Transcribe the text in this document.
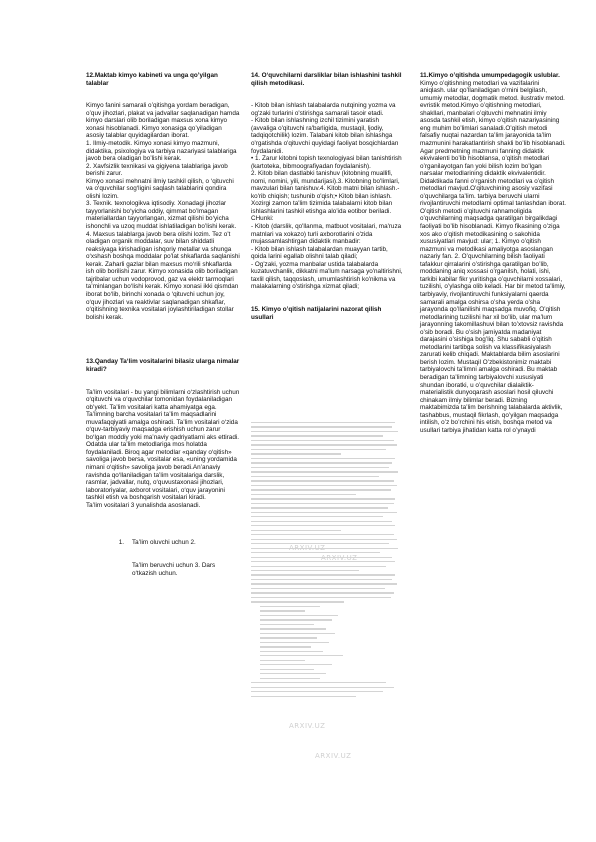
12.Maktab kimyo kabineti va unga qo’yilgan talablar

Kimyo fanini samarali o’qitishga yordam beradigan, o’quv jihozlari, plakat va jadvallar saqlanadigan hamda kimyo darslari olib boriladigan maxsus xona kimyo xonasi hisoblanadi. Kimyo xonasiga qo’yiladigan asosiy talablar quyidagilardan iborat.
1. Ilmiy-metodik. Kimyo xonasi kimyo mazmuni, didaktika, psixologiya va tarbiya nazariyasi talablariga javob bera oladigan bo’lishi kerak.
2. Xavfsizlik texnikasi va gigiyena talablariga javob berishi zarur.
Kimyo xonasi mehnatni ilmiy tashkil qilish, o ‘qituvchi va o‘quvchilar sog‘ligini saqlash talablarini qondira olishi lozim.
3. Texnik. texnologikva iqtisodiy. Xonadagi jihozlar tayyorlanishi bo‘yicha oddiy, qimmat bo’lmagan materiallardan tayyorlangan, xizmat qilishi bo‘yicha ishonchli va uzoq muddat ishlatiladigan bo’lishi kerak. 4. Maxsus talablarga javob bera olishi lozim. Tez o’t oladigan organik moddalar, suv bilan shiddatli reaksiyaga kirishadigan ishqoriy metallar va shunga o‘xshash boshqa moddalar po’lat shkaflarda saqlanishi kerak. Zaharli gazlar bilan maxsus mo‘rili shkaflarda ish olib borilishi zarur. Kimyo xonasida olib boriladigan tajribalar uchun vodoprovod, gaz va elektr tarmoqlari ta’minlangan bo‘lishi kerak. Kimyo xonasi ikki qismdan iborat bo‘lib, birinchi xonada o ‘qituvchi uchun joy, o‘quv jihozlari va reaktivlar saqlanadigan shkaflar, o‘qitishning texnika vositalari joylashtiriladigan stollar
bolishi kerak.

13.Qanday Ta‘lim vositalarini bilasiz ularga nimalar kiradi?

Ta’lim vositalari - bu yangi bilimlarni o‘zlashtirish uchun o‘qituvchi va o‘quvchilar tomonidan foydalaniladigan ob’yekt. Ta’lim vositalari katta ahamiyatga ega. Ta’limning barcha vositalari ta’lim maqsadlarini muvafaqqiyatli amalga oshiradi. Ta’lim vositalari o‘zida o‘quv-tarbiyaviy maqsadga erishish uchun zarur bo‘lgan moddiy yoki ma’naviy qadriyatlarni aks ettiradi. Odatda ular ta’lim metodlariga mos holatda foydalaniladi. Biroq agar metodlar «qanday o‘qitish» savoliga javob bersa, vositalar esa, «uning yordamida nimani o‘qitish» savoliga javob beradi.An’anaviy ravishda qo‘llaniladigan ta’lim vositalariga darslik, rasmlar, jadvallar, nutq, o‘quvustaxonasi jihozlari, laboratoriyalar, axborot vositalari, o‘quv jarayonini tashkil etish va boshqarish vositalari kiradi.
Ta’lim vositalari 3 yunalishda asoslanadi.

1.	Ta’lim oluvchi uchun 2.

Ta’lim beruvchi uchun 3. Dars o‘tkazish uchun.

14. O‘quvchilarni darsliklar bilan ishlashini tashkil qilish metodikasi.

- Kitob bilan ishlash talabalarda nutqining yozma va og'zaki turlarini o'stirishga samarali tasoir etadi.
- Kitob bilan ishlashning izchil tizimini yaratish (avvaliga o'qituvchi ra'barligida, mustaqil, ljodiy, tadqiqotchilik) lozim. Talabani kitob bilan ishlashga o'rgatishda o'qituvchi quyidagi faoliyat bosqichlardan foydalanidi.
• 1. Zarur kitobni topish texnologiyasi bilan tanishtirish (kartoteka, bibmoografiyadan foydalanish).
2. Kitob bilan dastlabki tanishuv (kitobning muallifi, nomi, nomini, yili, mundarijasi).3. Kitobning bo'limlari, mavzulari bilan tanishuv.4. Kitob matni bilan ishlash.- ko'rib chiqish; tushunib o'qish;• Kitob bilan ishlash. Xozirgi zamon ta'lim tizimida talabalarni kitob bilan ishlashlarini tashkil etishga alo'ida eotibor beriladi. CHunki:
- Kitob (darslik, qo'llanma, matbuot vositalari, ma'ruza matnlari va xokazo) turli axborotlarini o'zida mujassamlashtirgan didaktik manbadir:
- Kitob bilan ishlash talabalardan muayyan tartib, qoida larini egallab olishni talab qiladi;
- Og'zaki, yozma manbalar ustida talabalarda kuzatuvchanlik, dikkatni ma'lum narsaga yo'naltirishni, taxlil qilish, taqqoslash, umumlashtirish ko'nikma va malakalarning o'stirishga xizmat qiladi;

15. Kimyo o’qitish natijalarini nazorat qilish usullari

ARXIV.UZ
ARXIV.UZ
ARXIV.UZ
ARXIV.UZ

11.Kimyo o’qitishda umumpedagogik uslublar. Kimyo o’qitishning metodlari va vazifalarini aniqlash. ular qo’llaniladigan o’rnini belgilash, umumiy metodlar, dogmatik metod. ilustrativ metod. evristik metod.Kimyo o’qitishning metodlari, shakllari, manbalari o’qituvchi mehnatini ilmiy asosda tashkil etish, kimyo o’qitish nazariyasining eng muhim bo’limlari sanaladi.O’qitish metodi falsafiy nuqtai nazardan ta’lim jarayonida ta’lim mazmunini harakatlantirish shakli bo’lib hisoblanadi. Agar predmetning mazmuni fanning didaktik ekvivalenti bo’lib hisoblansa, o’qitish metodlari o’rganilayotgan fan yoki bilish lozim bo’lgan narsalar metodlarining didaktik ekvivalentidir. Didaktikada fanni o’rganish metodlari va o’qitish metodlari mavjud.O’qituvchining asosiy vazifasi o’quvchilarga ta’lim. tarbiya beruvchi ularni rivojlantiruvchi metodlarni optimal tanlashdan iborat. O’qitish metodi o’qituvchi rahnamoligida o’quvchilarning maqsadga qaratilgan birgalikdagi faoliyati bo’lib hisoblanadi. Kimyo fikasining o’ziga xos ako o’qitish metodikasining o sakohida xususiyatlari mavjud: ular; 1. Kimyo o’qitish mazmuni va metodikasi amaliyotga asoslangan nazariy fan. 2. O’quvchilarning bilish faoliyati tafakkur qirralarini o’stirishga qaratilgan bo’lib, moddaning aniq xossasi o’rganilsh, holati, ishi, tarkibi kabilar fikr yuritishga o’quvchilarni xossalari, tuzilishi, o’ylashga olib keladi. Har bir metod ta’limiy, tarbiyaviy, rivojlantiruvchi funksiyalarni qaerda samarali amalga oshirsa o’sha yerda o’sha jarayonda qo’llanilishi maqsadga muvofiq. O’qitish metodlarining tuzilishi har xil bo’lib, ular ma’lum jarayonning takomillashuvi bilan to’xtovsiz ravishda o’sib boradi. Bu o’sish jamiyatda madaniyat darajasini o’sishiga bog’liq. Shu sababli o’qitish metodlarini tartibga solish va klassifikasiyalash zarurati kelib chiqadi. Maktablarda bilim asoslarini berish lozim. Mustaqil O’zbekistonimiz maktabi tarbiyalovchi ta’limni amalga oshiradi. Bu maktab beradigan ta’limning tarbiyalovchi xususiyati shundan iboratki, u o’quvchilar dialaiktik-materialistik dunyoqarash asoslari hosil qiluvchi chinakam ilmiy bilimlar beradi. Bizning maktabimizda ta’lim berishning talabalarda aktivlik, tashabbus, mustaqil fikrlash, qo’yilgan maqsadga intilish, o’z bo’rchini his etish, boshqa metod va usullari tarbiya jihatidan katta rol o’ynaydi
